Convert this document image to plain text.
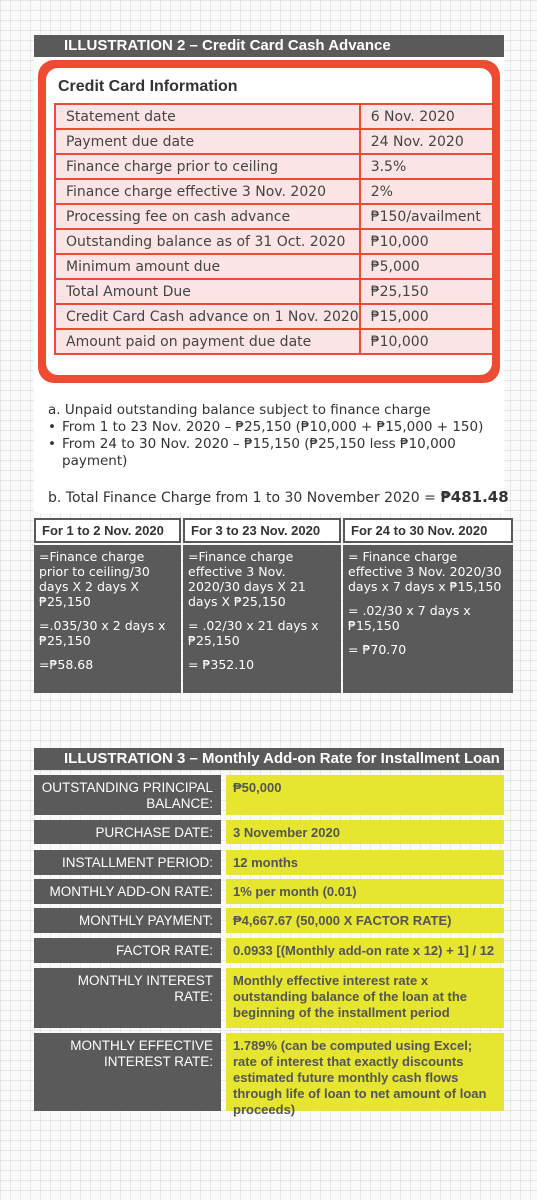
ILLUSTRATION 2 – Credit Card Cash Advance
Credit Card Information
Statement date	6 Nov. 2020
Payment due date	24 Nov. 2020
Finance charge prior to ceiling	3.5%
Finance charge effective 3 Nov. 2020	2%
Processing fee on cash advance	₱150/availment
Outstanding balance as of 31 Oct. 2020	₱10,000
Minimum amount due	₱5,000
Total Amount Due	₱25,150
Credit Card Cash advance on 1 Nov. 2020	₱15,000
Amount paid on payment due date	₱10,000
a. Unpaid outstanding balance subject to finance charge
• From 1 to 23 Nov. 2020 – ₱25,150 (₱10,000 + ₱15,000 + 150)
• From 24 to 30 Nov. 2020 – ₱15,150 (₱25,150 less ₱10,000 payment)
b. Total Finance Charge from 1 to 30 November 2020 = ₱481.48
For 1 to 2 Nov. 2020

=Finance charge prior to ceiling/30 days X 2 days X ₱25,150

=.035/30 x 2 days x ₱25,150

=₱58.68

For 3 to 23 Nov. 2020

=Finance charge effective 3 Nov. 2020/30 days X 21 days X ₱25,150

= .02/30 x 21 days x ₱25,150

= ₱352.10

For 24 to 30 Nov. 2020

= Finance charge effective 3 Nov. 2020/30 days x 7 days x ₱15,150

= .02/30 x 7 days x ₱15,150

= ₱70.70

ILLUSTRATION 3 – Monthly Add-on Rate for Installment Loan
OUTSTANDING PRINCIPAL BALANCE:
₱50,000
PURCHASE DATE:	3 November 2020
INSTALLMENT PERIOD:	12 months
MONTHLY ADD-ON RATE:	1% per month (0.01)
MONTHLY PAYMENT:	₱4,667.67 (50,000 X FACTOR RATE)
FACTOR RATE:	0.0933 [(Monthly add-on rate x 12) + 1] / 12
MONTHLY INTEREST RATE:
Monthly effective interest rate x outstanding balance of the loan at the beginning of the installment period
MONTHLY EFFECTIVE INTEREST RATE:
1.789% (can be computed using Excel; rate of interest that exactly discounts estimated future monthly cash flows through life of loan to net amount of loan proceeds)
